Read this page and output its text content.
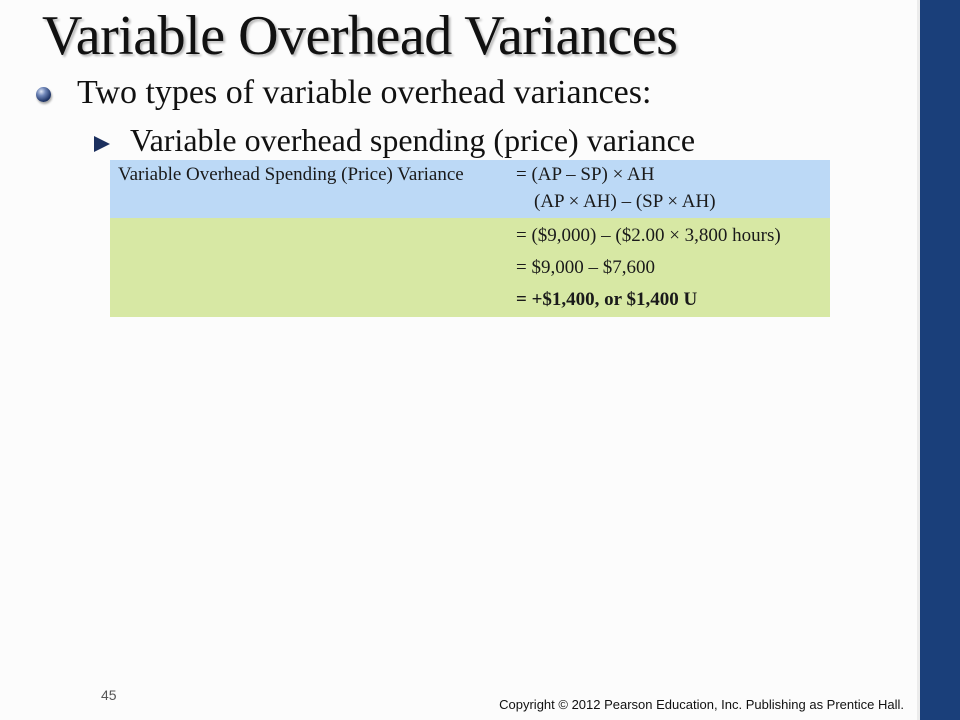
Variable Overhead Variances
Two types of variable overhead variances:
Variable overhead spending (price) variance
Variable Overhead Spending (Price) Variance	= (AP – SP) × AH
(AP × AH) – (SP × AH)
= ($9,000) – ($2.00 × 3,800 hours)
= $9,000 – $7,600
= +$1,400, or $1,400 U
45
Copyright © 2012 Pearson Education, Inc. Publishing as Prentice Hall.
